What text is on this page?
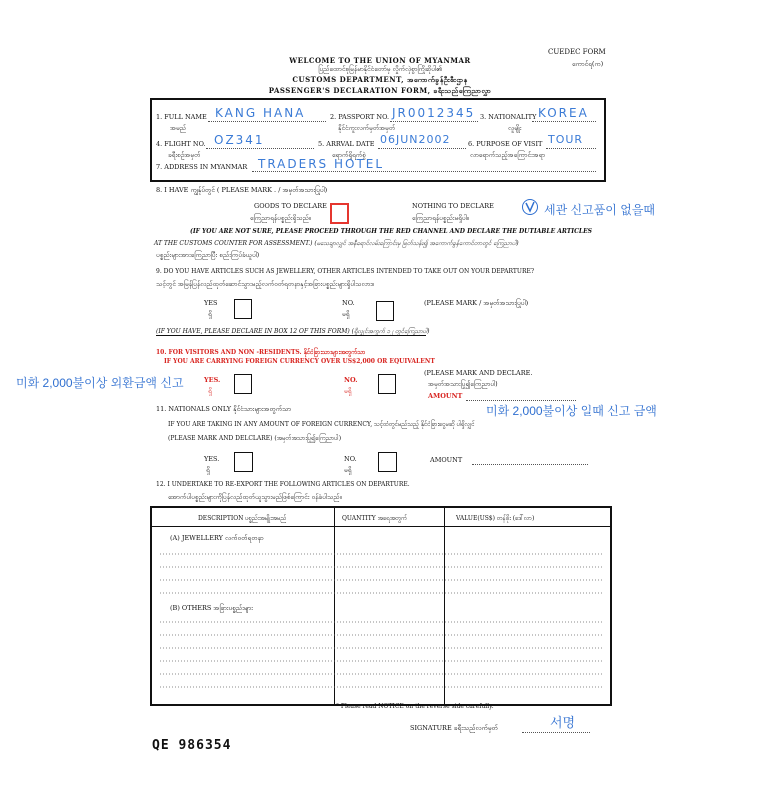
CUEDEC FORM
ကောင်ရ(က)
WELCOME TO THE UNION OF MYANMAR
ပြည်ထောင်စုမြန်မာနိုင်ငံတော်မှ လှိုက်လှဲစွာကြိုဆိုပါ၏
CUSTOMS DEPARTMENT, အကောက်ခွန်ဦးစီးဌာန
PASSENGER'S DECLARATION FORM, ခရီးသည်ကြေညာလွှာ
1. FULL NAME
အမည်
KANG HANA	2. PASSPORT NO.
နိုင်ငံကူးလက်မှတ်အမှတ်
JR0012345 3. NATIONALITY
လူမျိုး
KOREA
4. FLIGHT NO.
ခရီးစဉ်အမှတ်
OZ341	5. ARRVAL DATE
ရောက်ရှိရက်စွဲ
06JUN2002	6. PURPOSE OF VISIT
လာရောက်သည့်အကြောင်းအရာ
TOUR
7. ADDRESS IN MYANMAR TRADERS HOTEL
8. I HAVE ကျွန်ုပ်တွင် ( PLEASE MARK . / အမှတ်အသားပြုပါ)
GOODS TO DECLARE
ကြေညာရန်ပစ္စည်းရှိသည်။
NOTHING TO DECLARE
ကြေညာရန်ပစ္စည်းမရှိပါ။
세관 신고품이 없을때
(IF YOU ARE NOT SURE, PLEASE PROCEED THROUGH THE RED CHANNEL AND DECLARE THE DUTIABLE ARTICLES
AT THE CUSTOMS COUNTER FOR ASSESSMENT.) (မသေချာလျှင် အနီရောင်လမ်းကြောင်းမှ ဖြတ်သန်း၍ အကောက်ခွန်ကောင်တာတွင် ကြေညာပါ)
ပစ္စည်းများအားကြေညာပြီး စည်းကြပ်ခံယူပါ)
9. DO YOU HAVE ARTICLES SUCH AS JEWELLERY, OTHER ARTICLES INTENDED TO TAKE OUT ON YOUR DEPARTURE?
သင့်တွင် အမြန်ပြန်လည်ထုတ်ဆောင်သွားမည့်လက်ဝတ်ရတနာနှင့်အခြားပစ္စည်းများရှိပါသလား။
YES
ရှိ
NO.
မရှိ
(PLEASE MARK / အမှတ်အသားပြုပါ)
(IF YOU HAVE, PLEASE DECLARE IN BOX 12 OF THIS FORM) (ရှိလျှင်အကွက် ၁၂ တွင်ကြေညာပါ)
10. FOR VISITORS AND NON -RESIDENTS. နိုင်ငံခြားသားများအတွက်သာ
IF YOU ARE CARRYING FOREIGN CURRENCY OVER US$2,000 OR EQUIVALENT
미화 2,000불이상 외환금액 신고	YES.
ရှိ
NO.
မရှိ
(PLEASE MARK AND DECLARE.
အမှတ်အသားပြု၍ကြေညာပါ)
AMOUNT
미화 2,000불이상 일때 신고 금액
11. NATIONALS ONLY နိုင်ငံသားများအတွက်သာ
IF YOU ARE TAKING IN ANY AMOUNT OF FOREIGN CURRENCY, သင့်ထံတွင်မည်သည့် နိုင်ငံခြားငွေမဆို ပါရှိလျှင်
(PLEASE MARK AND DELCLARE) (အမှတ်အသားပြု၍ကြေညာပါ)
YES.
ရှိ
NO.
မရှိ
AMOUNT
12. I UNDERTAKE TO RE-EXPORT THE FOLLOWING ARTICLES ON DEPARTURE.
အောက်ပါပစ္စည်းများကိုပြန်လည်ထုတ်ယူသွားမည်ဖြစ်ကြောင်း ဝန်ခံပါသည်။
DESCRIPTION ပစ္စည်းအမျိုးအမည်	QUANTITY အရေအတွက်	VALUE(US$) တန်ဖိုး (ဒေါ်လာ)
(A) JEWELLERY လက်ဝတ်ရတနာ
(B) OTHERS အခြားပစ္စည်းများ
* Please read NOTICE on the reverse side carefully.
서명
SIGNATURE ခရီးသည်လက်မှတ်
QE 986354
